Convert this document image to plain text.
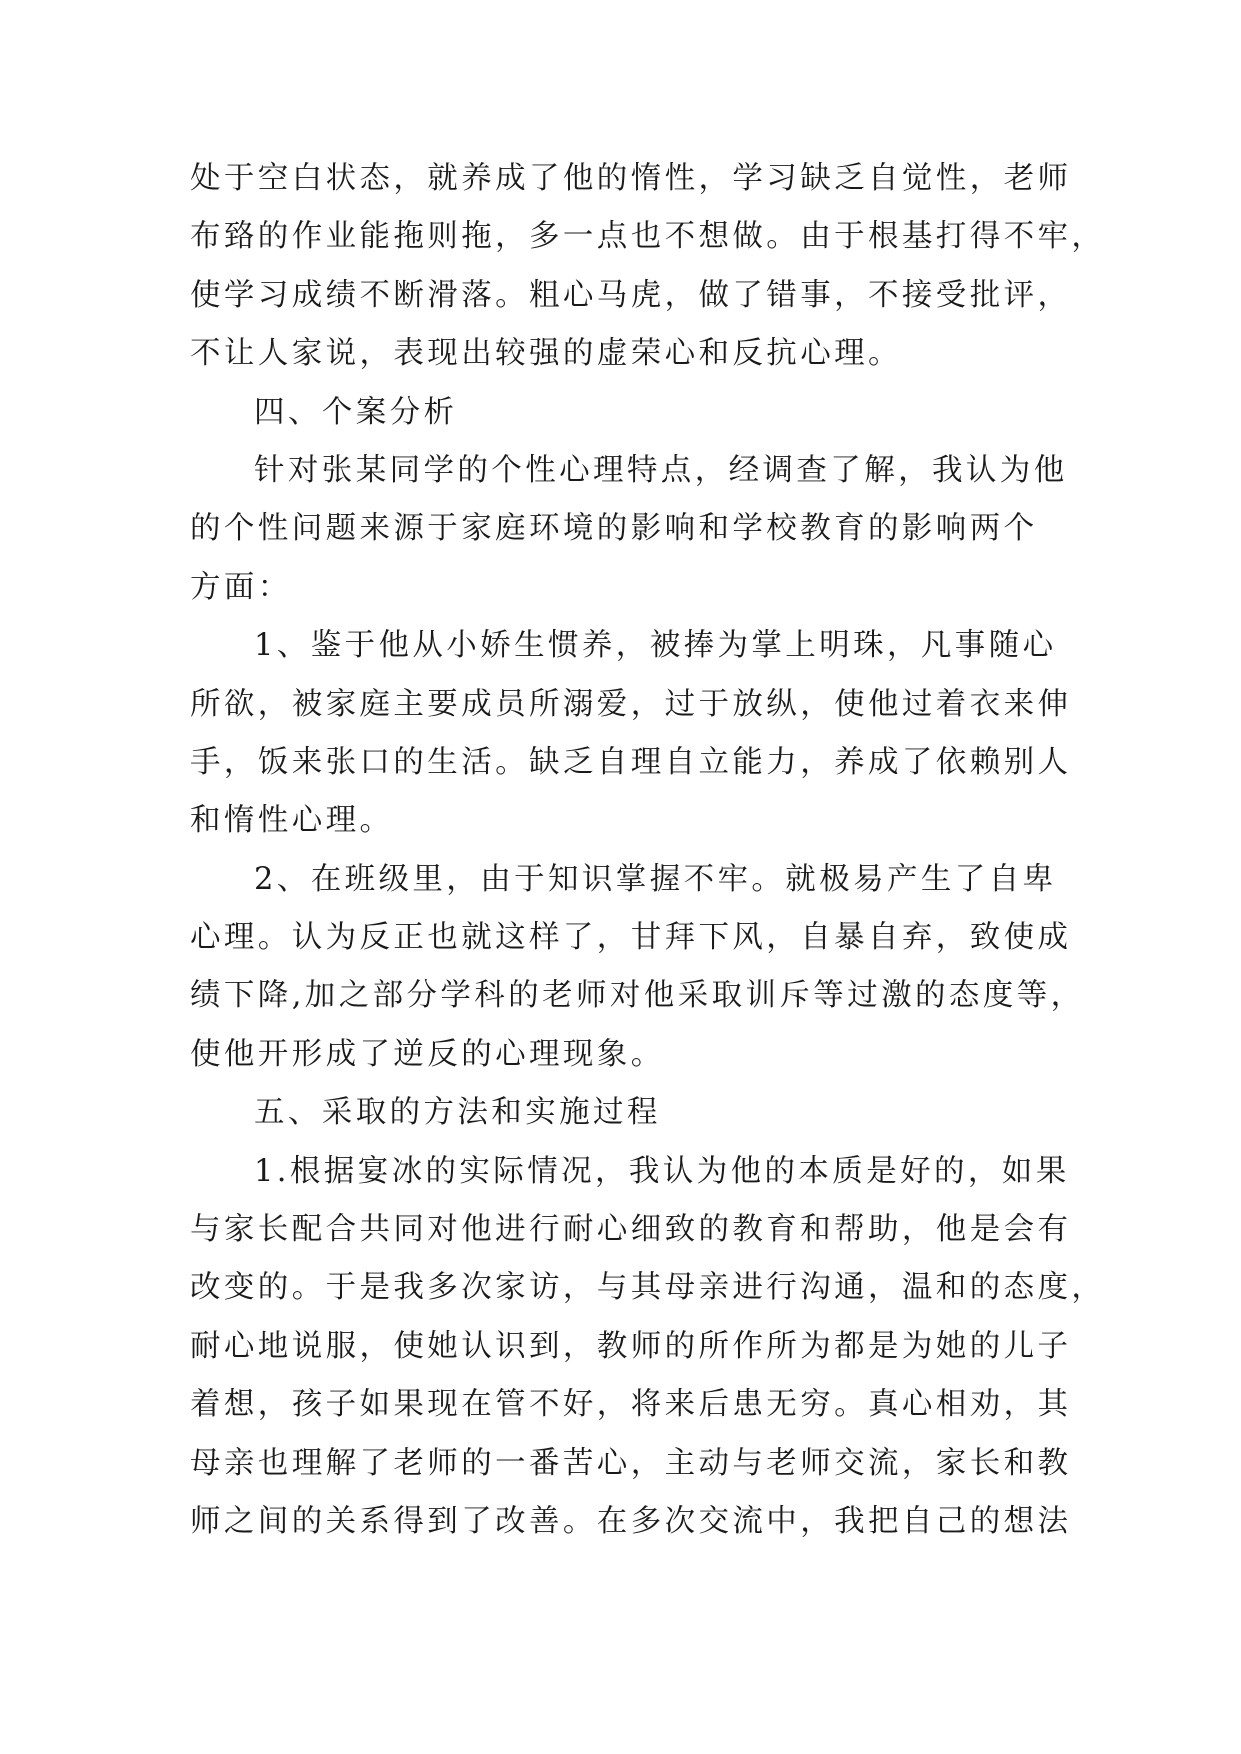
处于空白状态，就养成了他的惰性，学习缺乏自觉性，老师
布臵的作业能拖则拖，多一点也不想做。由于根基打得不牢，
使学习成绩不断滑落。粗心马虎，做了错事，不接受批评，
不让人家说，表现出较强的虚荣心和反抗心理。
四、个案分析
针对张某同学的个性心理特点，经调查了解，我认为他
的个性问题来源于家庭环境的影响和学校教育的影响两个
方面：
1、鉴于他从小娇生惯养，被捧为掌上明珠，凡事随心
所欲，被家庭主要成员所溺爱，过于放纵，使他过着衣来伸
手，饭来张口的生活。缺乏自理自立能力，养成了依赖别人
和惰性心理。
2、在班级里，由于知识掌握不牢。就极易产生了自卑
心理。认为反正也就这样了，甘拜下风，自暴自弃，致使成
绩下降,加之部分学科的老师对他采取训斥等过激的态度等，
使他开形成了逆反的心理现象。
五、采取的方法和实施过程
1.根据宴冰的实际情况，我认为他的本质是好的，如果
与家长配合共同对他进行耐心细致的教育和帮助，他是会有
改变的。于是我多次家访，与其母亲进行沟通，温和的态度，
耐心地说服，使她认识到，教师的所作所为都是为她的儿子
着想，孩子如果现在管不好，将来后患无穷。真心相劝，其
母亲也理解了老师的一番苦心，主动与老师交流，家长和教
师之间的关系得到了改善。在多次交流中，我把自己的想法
